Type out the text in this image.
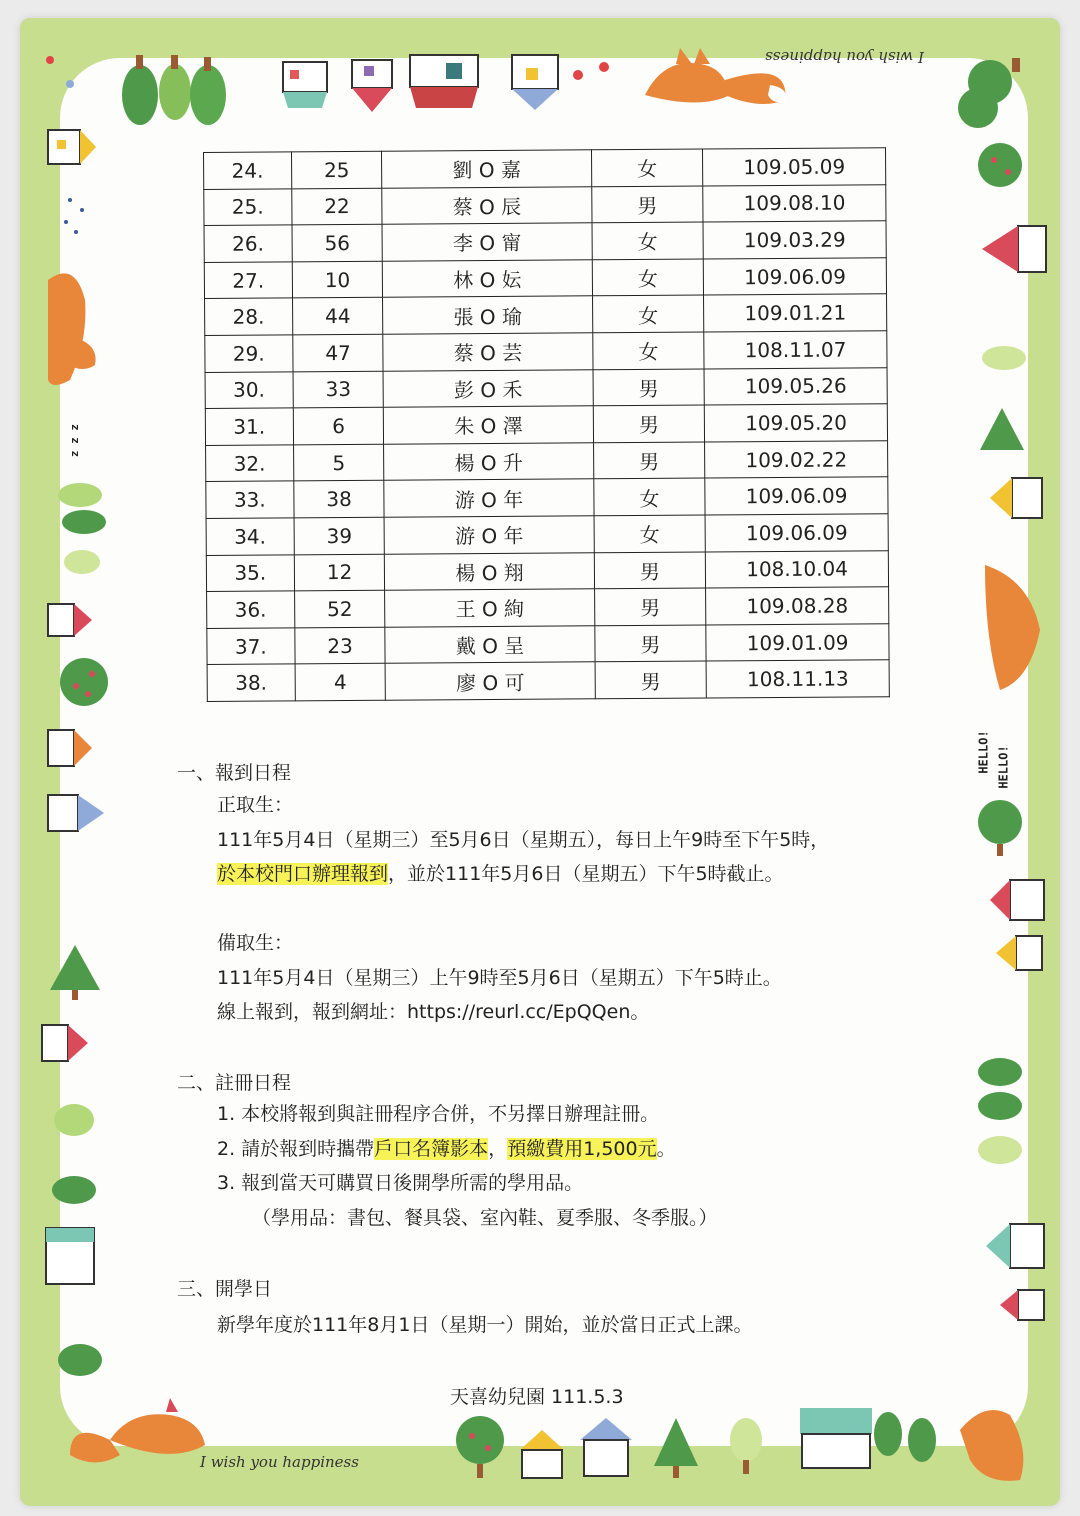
I wish you happiness
I wish you happiness
HELLO! HELLO!
z z z
24.	25	劉 O 嘉	女	109.05.09
25.	22	蔡 O 辰	男	109.08.10
26.	56	李 O 甯	女	109.03.29
27.	10	林 O 妘	女	109.06.09
28.	44	張 O 瑜	女	109.01.21
29.	47	蔡 O 芸	女	108.11.07
30.	33	彭 O 禾	男	109.05.26
31.	6	朱 O 澤	男	109.05.20
32.	5	楊 O 升	男	109.02.22
33.	38	游 O 年	女	109.06.09
34.	39	游 O 年	女	109.06.09
35.	12	楊 O 翔	男	108.10.04
36.	52	王 O 絢	男	109.08.28
37.	23	戴 O 呈	男	109.01.09
38.	4	廖 O 可	男	108.11.13
一、報到日程
正取生：
111年5月4日（星期三）至5月6日（星期五），每日上午9時至下午5時，
於本校門口辦理報到，並於111年5月6日（星期五）下午5時截止。
備取生：
111年5月4日（星期三）上午9時至5月6日（星期五）下午5時止。
線上報到，報到網址：https://reurl.cc/EpQQen。
二、註冊日程
1. 本校將報到與註冊程序合併，不另擇日辦理註冊。
2. 請於報到時攜帶戶口名簿影本，預繳費用1,500元。
3. 報到當天可購買日後開學所需的學用品。
（學用品：書包、餐具袋、室內鞋、夏季服、冬季服。）
三、開學日
新學年度於111年8月1日（星期一）開始，並於當日正式上課。
天喜幼兒園 111.5.3
